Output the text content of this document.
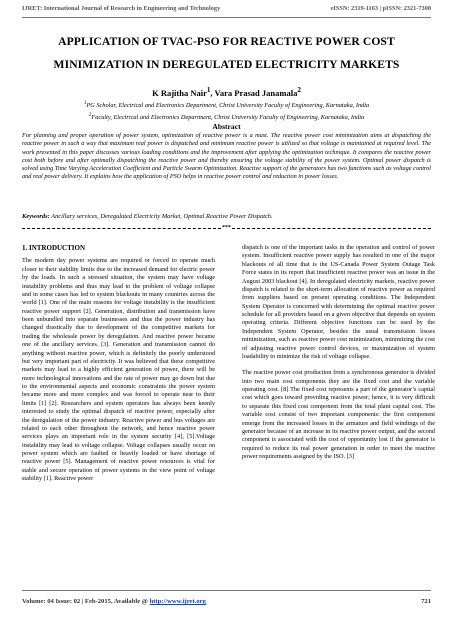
IJRET: International Journal of Research in Engineering and Technology	eISSN: 2319-1163 | pISSN: 2321-7308
APPLICATION OF TVAC-PSO FOR REACTIVE POWER COST
MINIMIZATION IN DEREGULATED ELECTRICITY MARKETS
K Rajitha Nair$^1$, Vara Prasad Janamala$^2$
$^1$PG Scholar, Electrical and Electronics Department, Christ University Faculty of Engineering, Karnataka, India
$^2$Faculty, Electrical and Electronics Department, Christ University Faculty of Engineering, Karnataka, India
Abstract
For planning and proper operation of power system, optimization of reactive power is a must. The reactive power cost minimization aims at dispatching the reactive power in such a way that maximum real power is dispatched and minimum reactive power is utilized so that voltage is maintained at required level. The work presented in this paper discusses various loading conditions and the improvement after applying the optimization technique. It compares the reactive power cost both before and after optimally dispatching the reactive power and thereby ensuring the voltage stability of the power system. Optimal power dispatch is solved using Time Varying Acceleration Coefficient and Particle Swarm Optimization. Reactive support of the generators has two functions such as voltage control and real power delivery. It explains how the application of PSO helps in reactive power control and reduction in power losses.
Keywords: Ancillary services, Deregulated Electricity Market, Optimal Reactive Power Dispatch.
***
1. INTRODUCTION

The modern day power systems are required or forced to operate much closer to their stability limits due to the increased demand for electric power by the loads. In such a stressed situation, the system may have voltage instability problems and thus may lead to the problem of voltage collapse and in some cases has led to system blackouts in many countries across the world [1]. One of the main reasons for voltage instability is the insufficient reactive power support [2]. Generation, distribution and transmission have been unbundled into separate businesses and thus the power industry has changed drastically due to development of the competitive markets for trading the wholesale power by deregulation. And reactive power became one of the ancillary services. [3]. Generation and transmission cannot do anything without reactive power, which is definitely the poorly understood but very important part of electricity. It was believed that these competitive markets may lead to a highly efficient generation of power, there will be more technological innovations and the rate of power may go down but due to the environmental aspects and economic constraints the power system became more and more complex and was forced to operate near to their limits [1] [2]. Researchers and system operators has always been keenly interested to study the optimal dispatch of reactive power, especially after the deregulation of the power industry. Reactive power and bus voltages are related to each other throughout the network, and hence reactive power services plays an important role in the system security [4], [5].Voltage instability may lead to voltage collapse. Voltage collapses usually occur on power system which are faulted or heavily loaded or have shortage of reactive power [5]. Management of reactive power resources is vital for stable and secure operation of power systems in the view point of voltage stability [1]. Reactive power

dispatch is one of the important tasks in the operation and control of power system. Insufficient reactive power supply has resulted in one of the major blackouts of all time that is the US-Canada Power System Outage Task Force states in its report that insufficient reactive power was an issue in the August 2003 blackout [4]. In deregulated electricity markets, reactive power dispatch is related to the short-term allocation of reactive power as required from suppliers based on present operating conditions. The Independent System Operator is concerned with determining the optimal reactive power schedule for all providers based on a given objective that depends on system operating criteria. Different objective functions can be used by the Independent System Operator, besides the usual transmission losses minimization, such as reactive power cost minimization, minimizing the cost of adjusting reactive power control devices, or maximization of system loadability to minimize the risk of voltage collapse.

The reactive power cost production from a synchronous generator is divided into two main cost components they are the fixed cost and the variable operating cost. [8] The fixed cost represents a part of the generator’s capital cost which goes toward providing reactive power; hence, it is very difficult to separate this fixed cost component from the total plant capital cost. The variable cost consist of two important components: the first component emerge from the increased losses in the armature and field windings of the generator because of an increase in its reactive power output, and the second component is associated with the cost of opportunity lost if the generator is required to reduce its real power generation in order to meet the reactive power requirements assigned by the ISO. [3]

Volume: 04 Issue: 02 | Feb-2015, Available @ http://www.ijret.org	721
